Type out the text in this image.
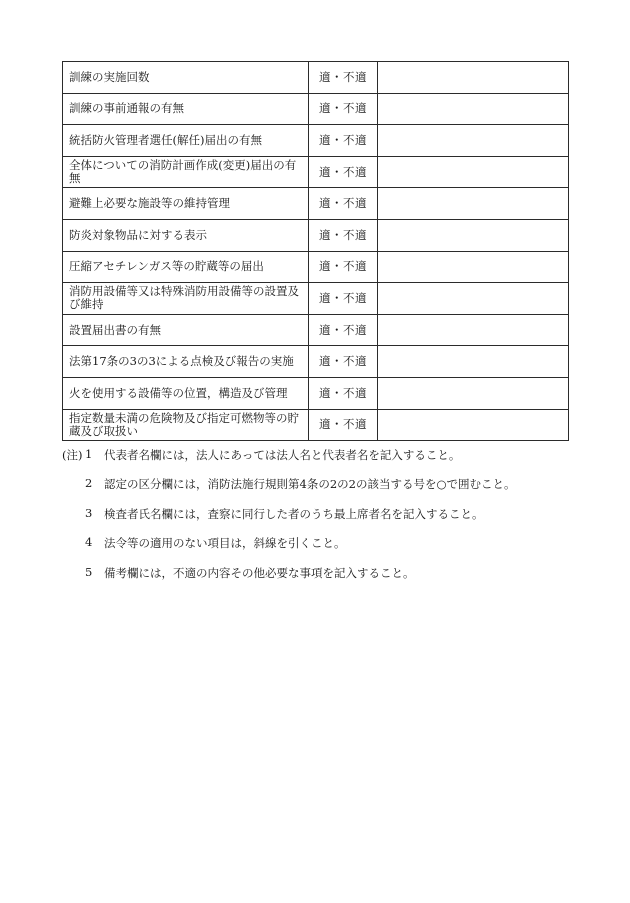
訓練の実施回数	適・不適	
訓練の事前通報の有無	適・不適	
統括防火管理者選任(解任)届出の有無	適・不適	
全体についての消防計画作成(変更)届出の有無	適・不適	
避難上必要な施設等の維持管理	適・不適	
防炎対象物品に対する表示	適・不適	
圧縮アセチレンガス等の貯蔵等の届出	適・不適	
消防用設備等又は特殊消防用設備等の設置及び維持	適・不適	
設置届出書の有無	適・不適	
法第17条の3の3による点検及び報告の実施	適・不適	
火を使用する設備等の位置，構造及び管理	適・不適	
指定数量未満の危険物及び指定可燃物等の貯蔵及び取扱い	適・不適	
(注) 1 代表者名欄には，法人にあっては法人名と代表者名を記入すること。
2 認定の区分欄には，消防法施行規則第4条の2の2の該当する号を○で囲むこと。
3 検査者氏名欄には，査察に同行した者のうち最上席者名を記入すること。
4 法令等の適用のない項目は，斜線を引くこと。
5 備考欄には，不適の内容その他必要な事項を記入すること。
